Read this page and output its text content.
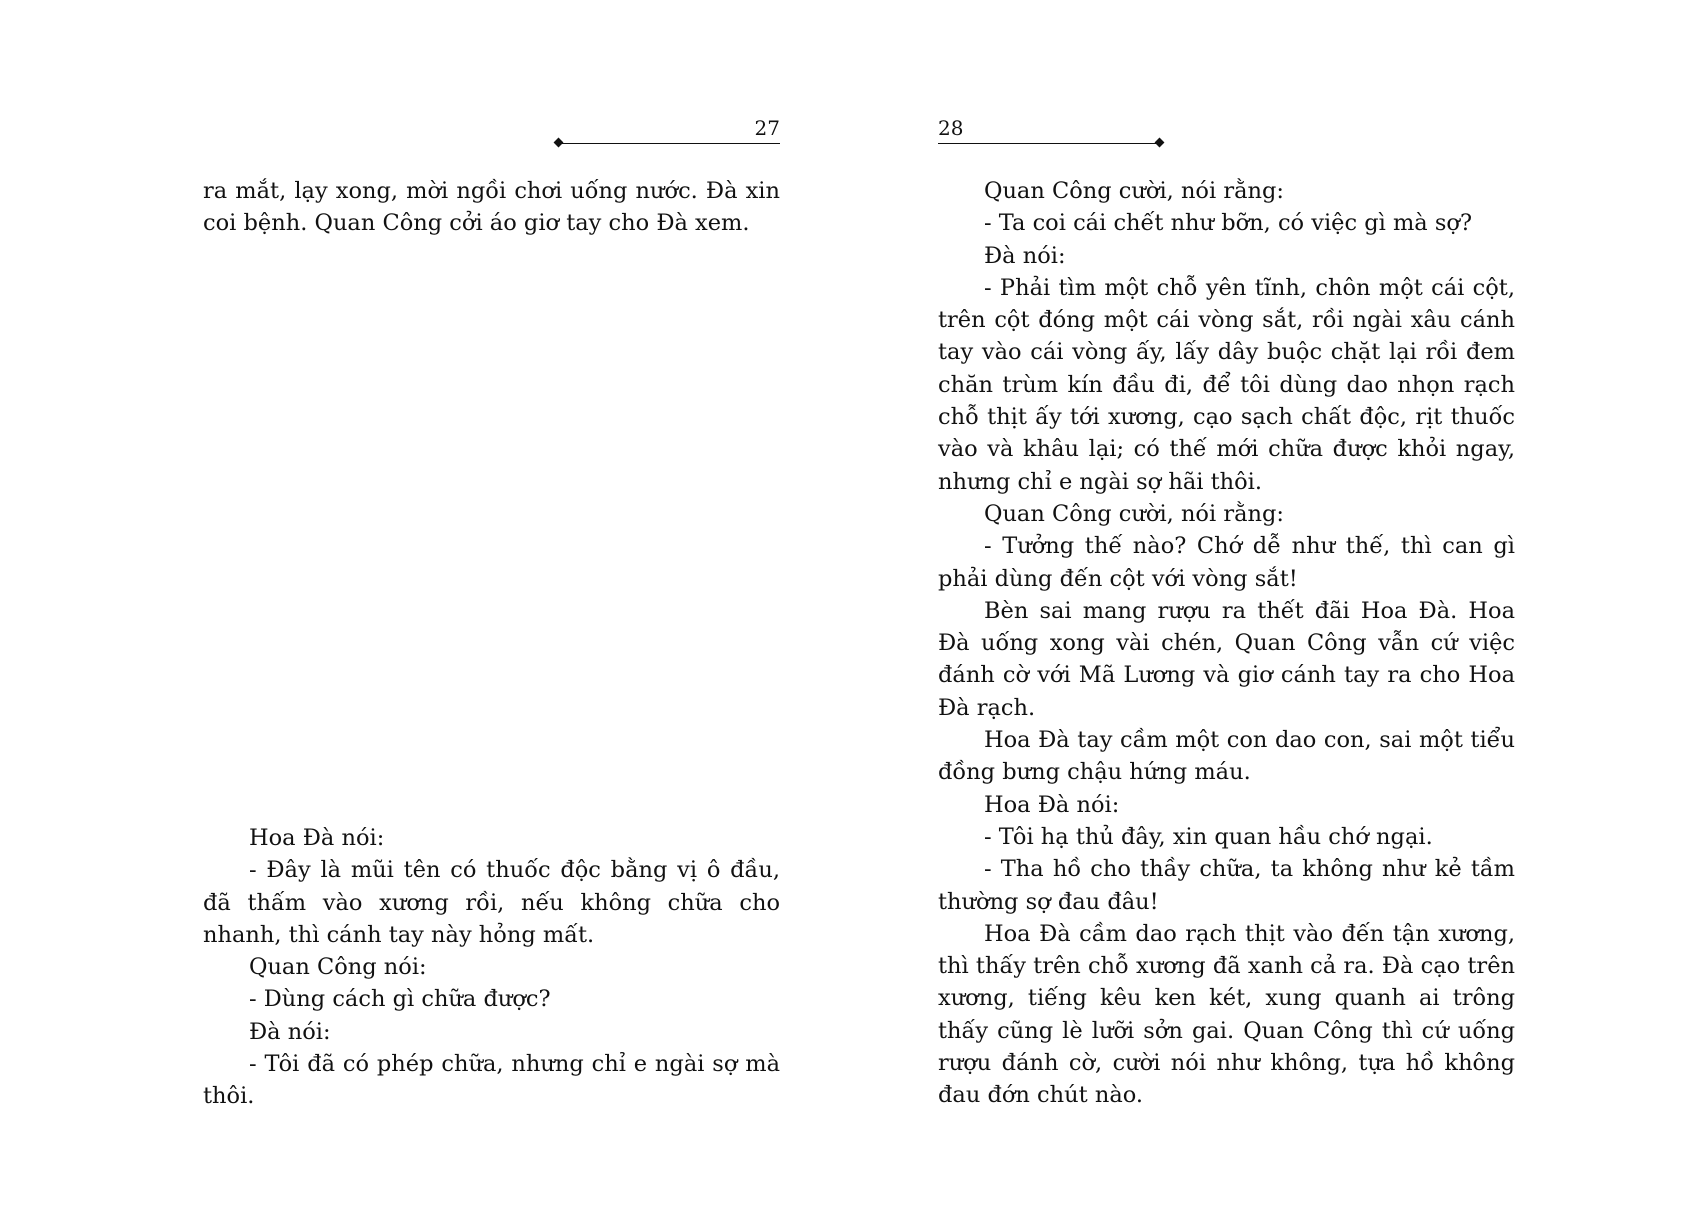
27	28

ra mắt, lạy xong, mời ngồi chơi uống nước. Đà xin coi bệnh. Quan Công cởi áo giơ tay cho Đà xem.

Hoa Đà nói:

- Đây là mũi tên có thuốc độc bằng vị ô đầu, đã thấm vào xương rồi, nếu không chữa cho nhanh, thì cánh tay này hỏng mất.

Quan Công nói:

- Dùng cách gì chữa được?

Đà nói:

- Tôi đã có phép chữa, nhưng chỉ e ngài sợ mà thôi.

Quan Công cười, nói rằng:

- Ta coi cái chết như bỡn, có việc gì mà sợ?

Đà nói:

- Phải tìm một chỗ yên tĩnh, chôn một cái cột, trên cột đóng một cái vòng sắt, rồi ngài xâu cánh tay vào cái vòng ấy, lấy dây buộc chặt lại rồi đem chăn trùm kín đầu đi, để tôi dùng dao nhọn rạch chỗ thịt ấy tới xương, cạo sạch chất độc, rịt thuốc vào và khâu lại; có thế mới chữa được khỏi ngay, nhưng chỉ e ngài sợ hãi thôi.

Quan Công cười, nói rằng:

- Tưởng thế nào? Chớ dễ như thế, thì can gì phải dùng đến cột với vòng sắt!

Bèn sai mang rượu ra thết đãi Hoa Đà. Hoa Đà uống xong vài chén, Quan Công vẫn cứ việc đánh cờ với Mã Lương và giơ cánh tay ra cho Hoa Đà rạch.

Hoa Đà tay cầm một con dao con, sai một tiểu đồng bưng chậu hứng máu.

Hoa Đà nói:

- Tôi hạ thủ đây, xin quan hầu chớ ngại.

- Tha hồ cho thầy chữa, ta không như kẻ tầm thường sợ đau đâu!

Hoa Đà cầm dao rạch thịt vào đến tận xương, thì thấy trên chỗ xương đã xanh cả ra. Đà cạo trên xương, tiếng kêu ken két, xung quanh ai trông thấy cũng lè lưỡi sởn gai. Quan Công thì cứ uống rượu đánh cờ, cười nói như không, tựa hồ không đau đớn chút nào.
